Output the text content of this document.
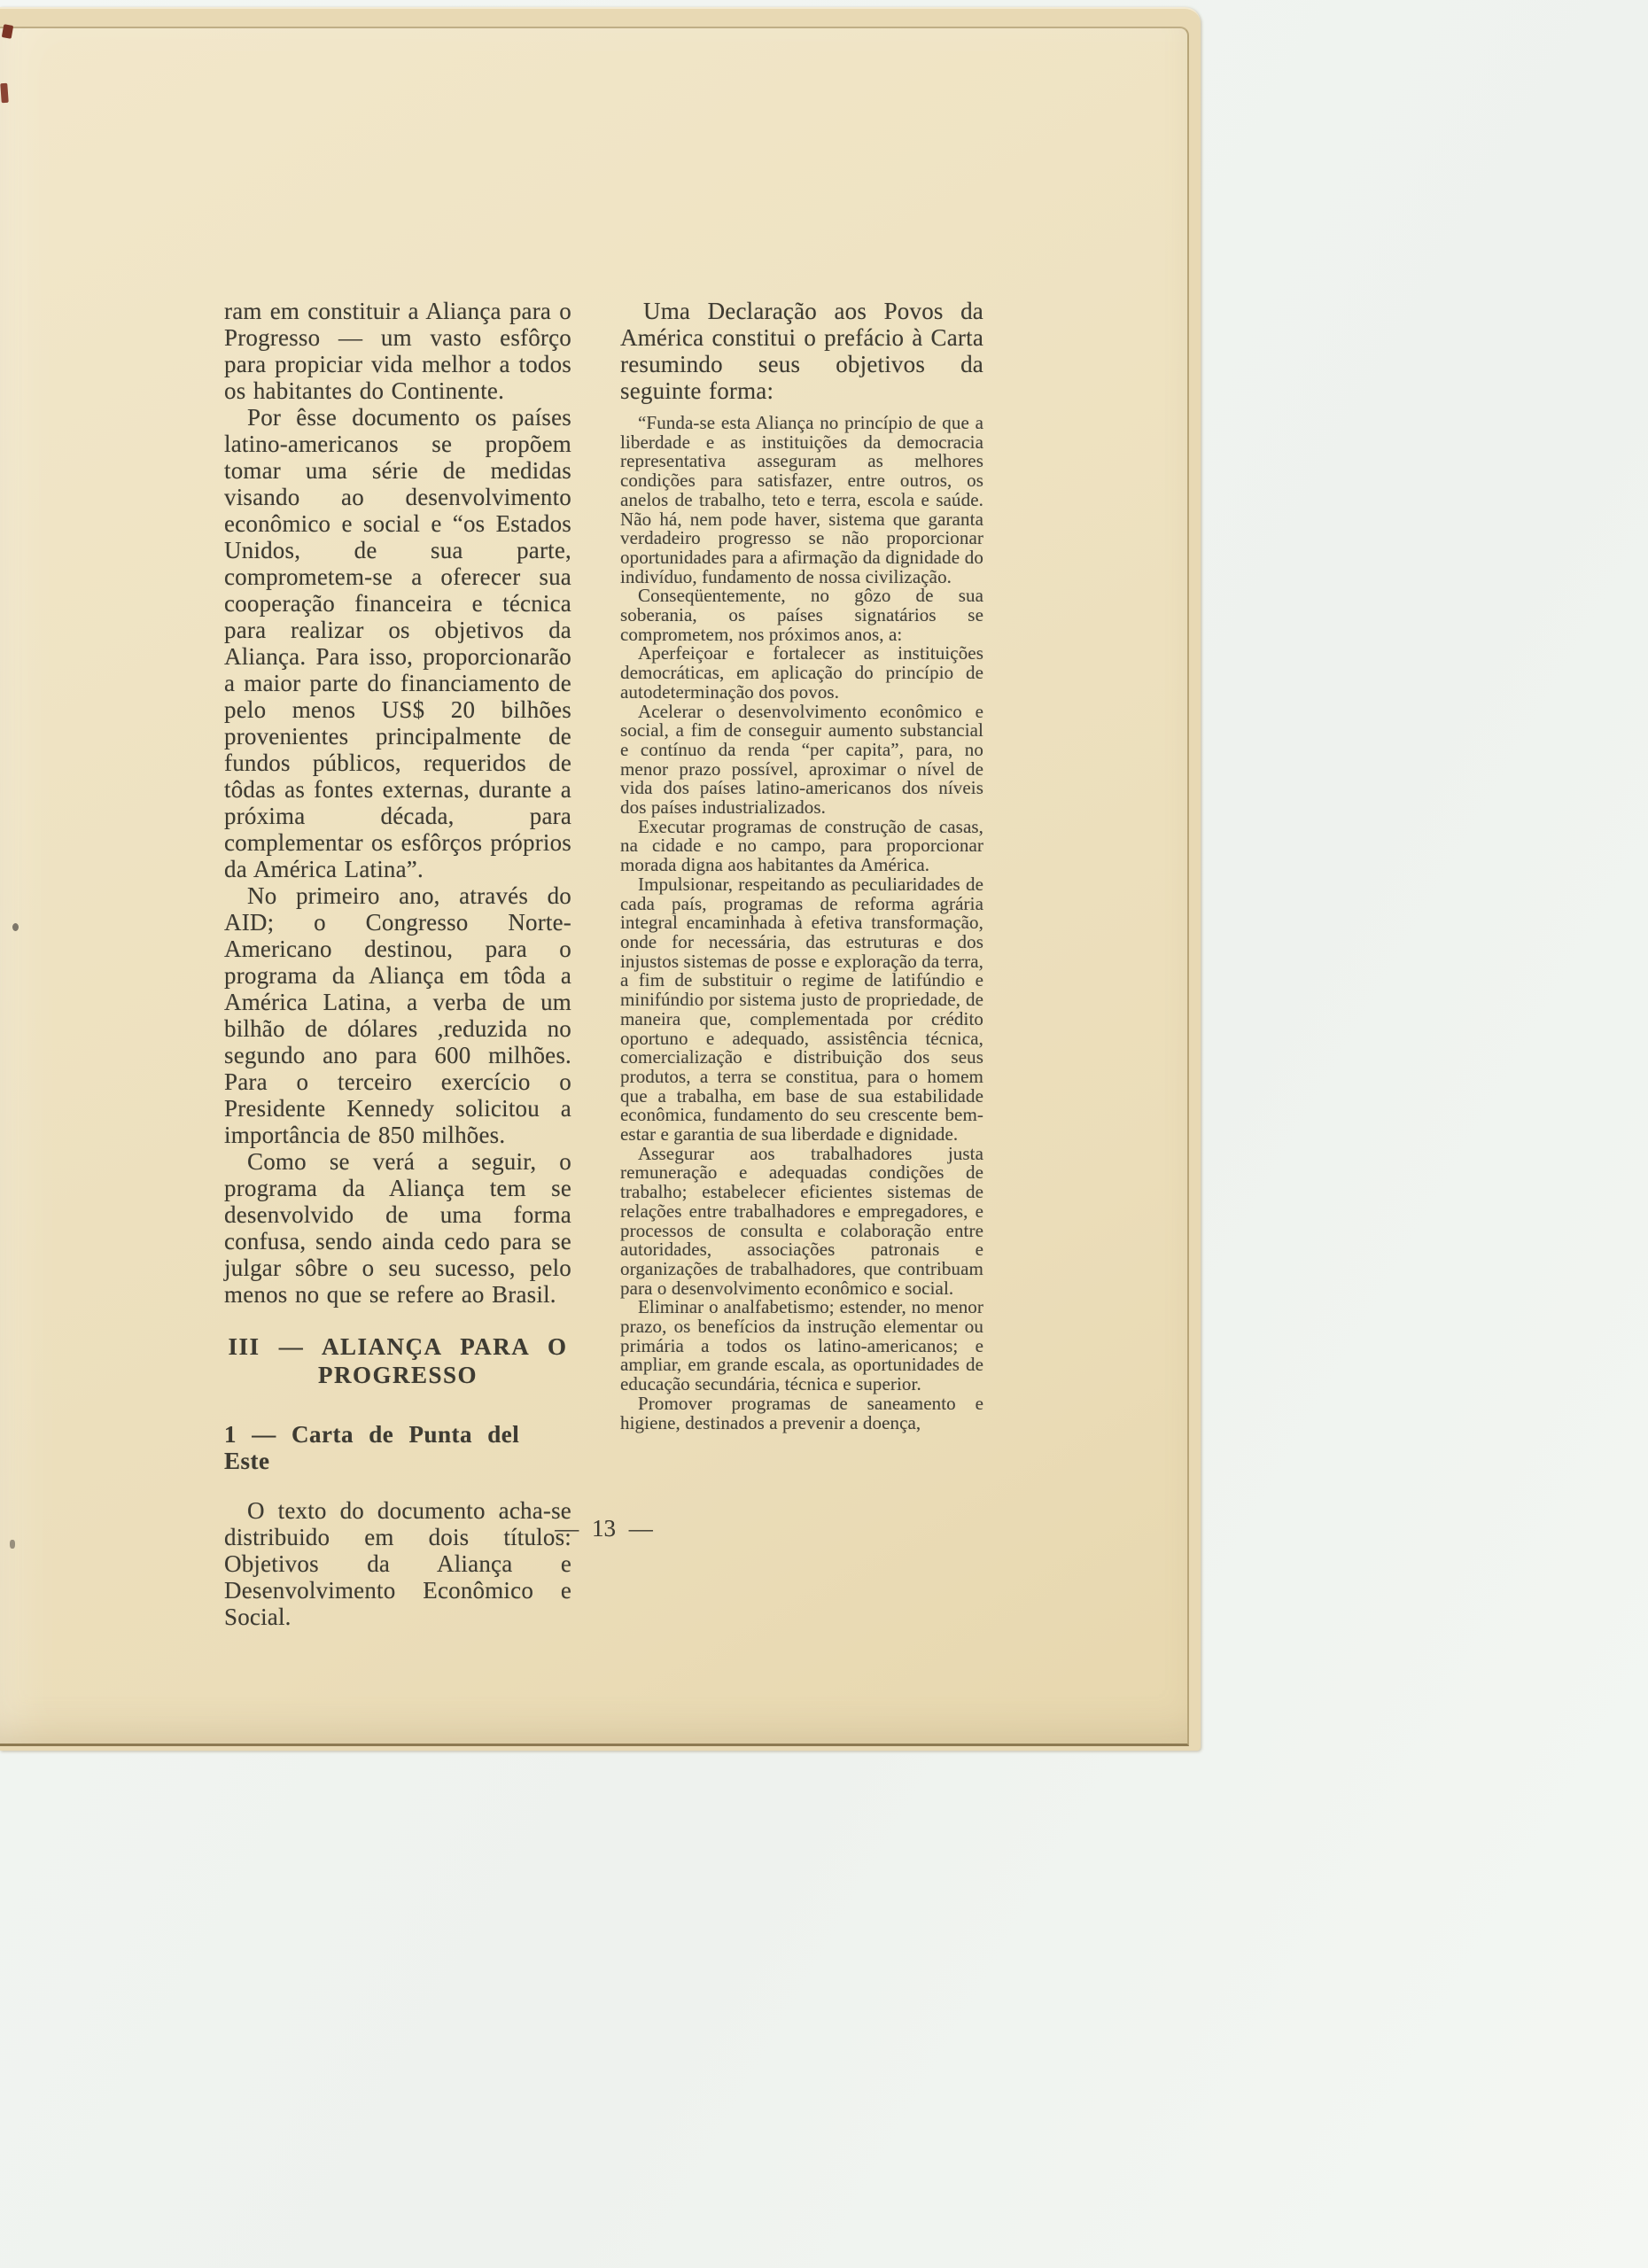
ram em constituir a Aliança para o Progresso — um vasto esfôrço para propiciar vida melhor a todos os habitantes do Continente.

Por êsse documento os países latino-americanos se propõem tomar uma série de medidas visando ao desenvolvimento econômico e social e “os Estados Unidos, de sua parte, comprometem-se a oferecer sua cooperação financeira e técnica para realizar os objetivos da Aliança. Para isso, proporcionarão a maior parte do financiamento de pelo menos US$ 20 bilhões provenientes principalmente de fundos públicos, requeridos de tôdas as fontes externas, durante a próxima década, para complementar os esfôrços próprios da América Latina”.

No primeiro ano, através do AID; o Congresso Norte-Americano destinou, para o programa da Aliança em tôda a América Latina, a verba de um bilhão de dólares ,reduzida no segundo ano para 600 milhões. Para o terceiro exercício o Presidente Kennedy solicitou a importância de 850 milhões.

Como se verá a seguir, o programa da Aliança tem se desenvolvido de uma forma confusa, sendo ainda cedo para se julgar sôbre o seu sucesso, pelo menos no que se refere ao Brasil.

III — ALIANÇA PARA O
PROGRESSO
1 — Carta de Punta del Este

O texto do documento acha-se distribuido em dois títulos: Objetivos da Aliança e Desenvolvimento Econômico e Social.

Uma Declaração aos Povos da América constitui o prefácio à Carta resumindo seus objetivos da seguinte forma:

“Funda-se esta Aliança no princípio de que a liberdade e as instituições da democracia representativa asseguram as melhores condições para satisfazer, entre outros, os anelos de trabalho, teto e terra, escola e saúde. Não há, nem pode haver, sistema que garanta verdadeiro progresso se não proporcionar oportunidades para a afirmação da dignidade do indivíduo, fundamento de nossa civilização.

Conseqüentemente, no gôzo de sua soberania, os países signatários se comprometem, nos próximos anos, a:

Aperfeiçoar e fortalecer as instituições democráticas, em aplicação do princípio de autodeterminação dos povos.

Acelerar o desenvolvimento econômico e social, a fim de conseguir aumento substancial e contínuo da renda “per capita”, para, no menor prazo possível, aproximar o nível de vida dos países latino-americanos dos níveis dos países industrializados.

Executar programas de construção de casas, na cidade e no campo, para proporcionar morada digna aos habitantes da América.

Impulsionar, respeitando as peculiaridades de cada país, programas de reforma agrária integral encaminhada à efetiva transformação, onde for necessária, das estruturas e dos injustos sistemas de posse e exploração da terra, a fim de substituir o regime de latifúndio e minifúndio por sistema justo de propriedade, de maneira que, complementada por crédito oportuno e adequado, assistência técnica, comercialização e distribuição dos seus produtos, a terra se constitua, para o homem que a trabalha, em base de sua estabilidade econômica, fundamento do seu crescente bem-estar e garantia de sua liberdade e dignidade.

Assegurar aos trabalhadores justa remuneração e adequadas condições de trabalho; estabelecer eficientes sistemas de relações entre trabalhadores e empregadores, e processos de consulta e colaboração entre autoridades, associações patronais e organizações de trabalhadores, que contribuam para o desenvolvimento econômico e social.

Eliminar o analfabetismo; estender, no menor prazo, os benefícios da instrução elementar ou primária a todos os latino-americanos; e ampliar, em grande escala, as oportunidades de educação secundária, técnica e superior.

Promover programas de saneamento e higiene, destinados a prevenir a doença,

— 13 —
